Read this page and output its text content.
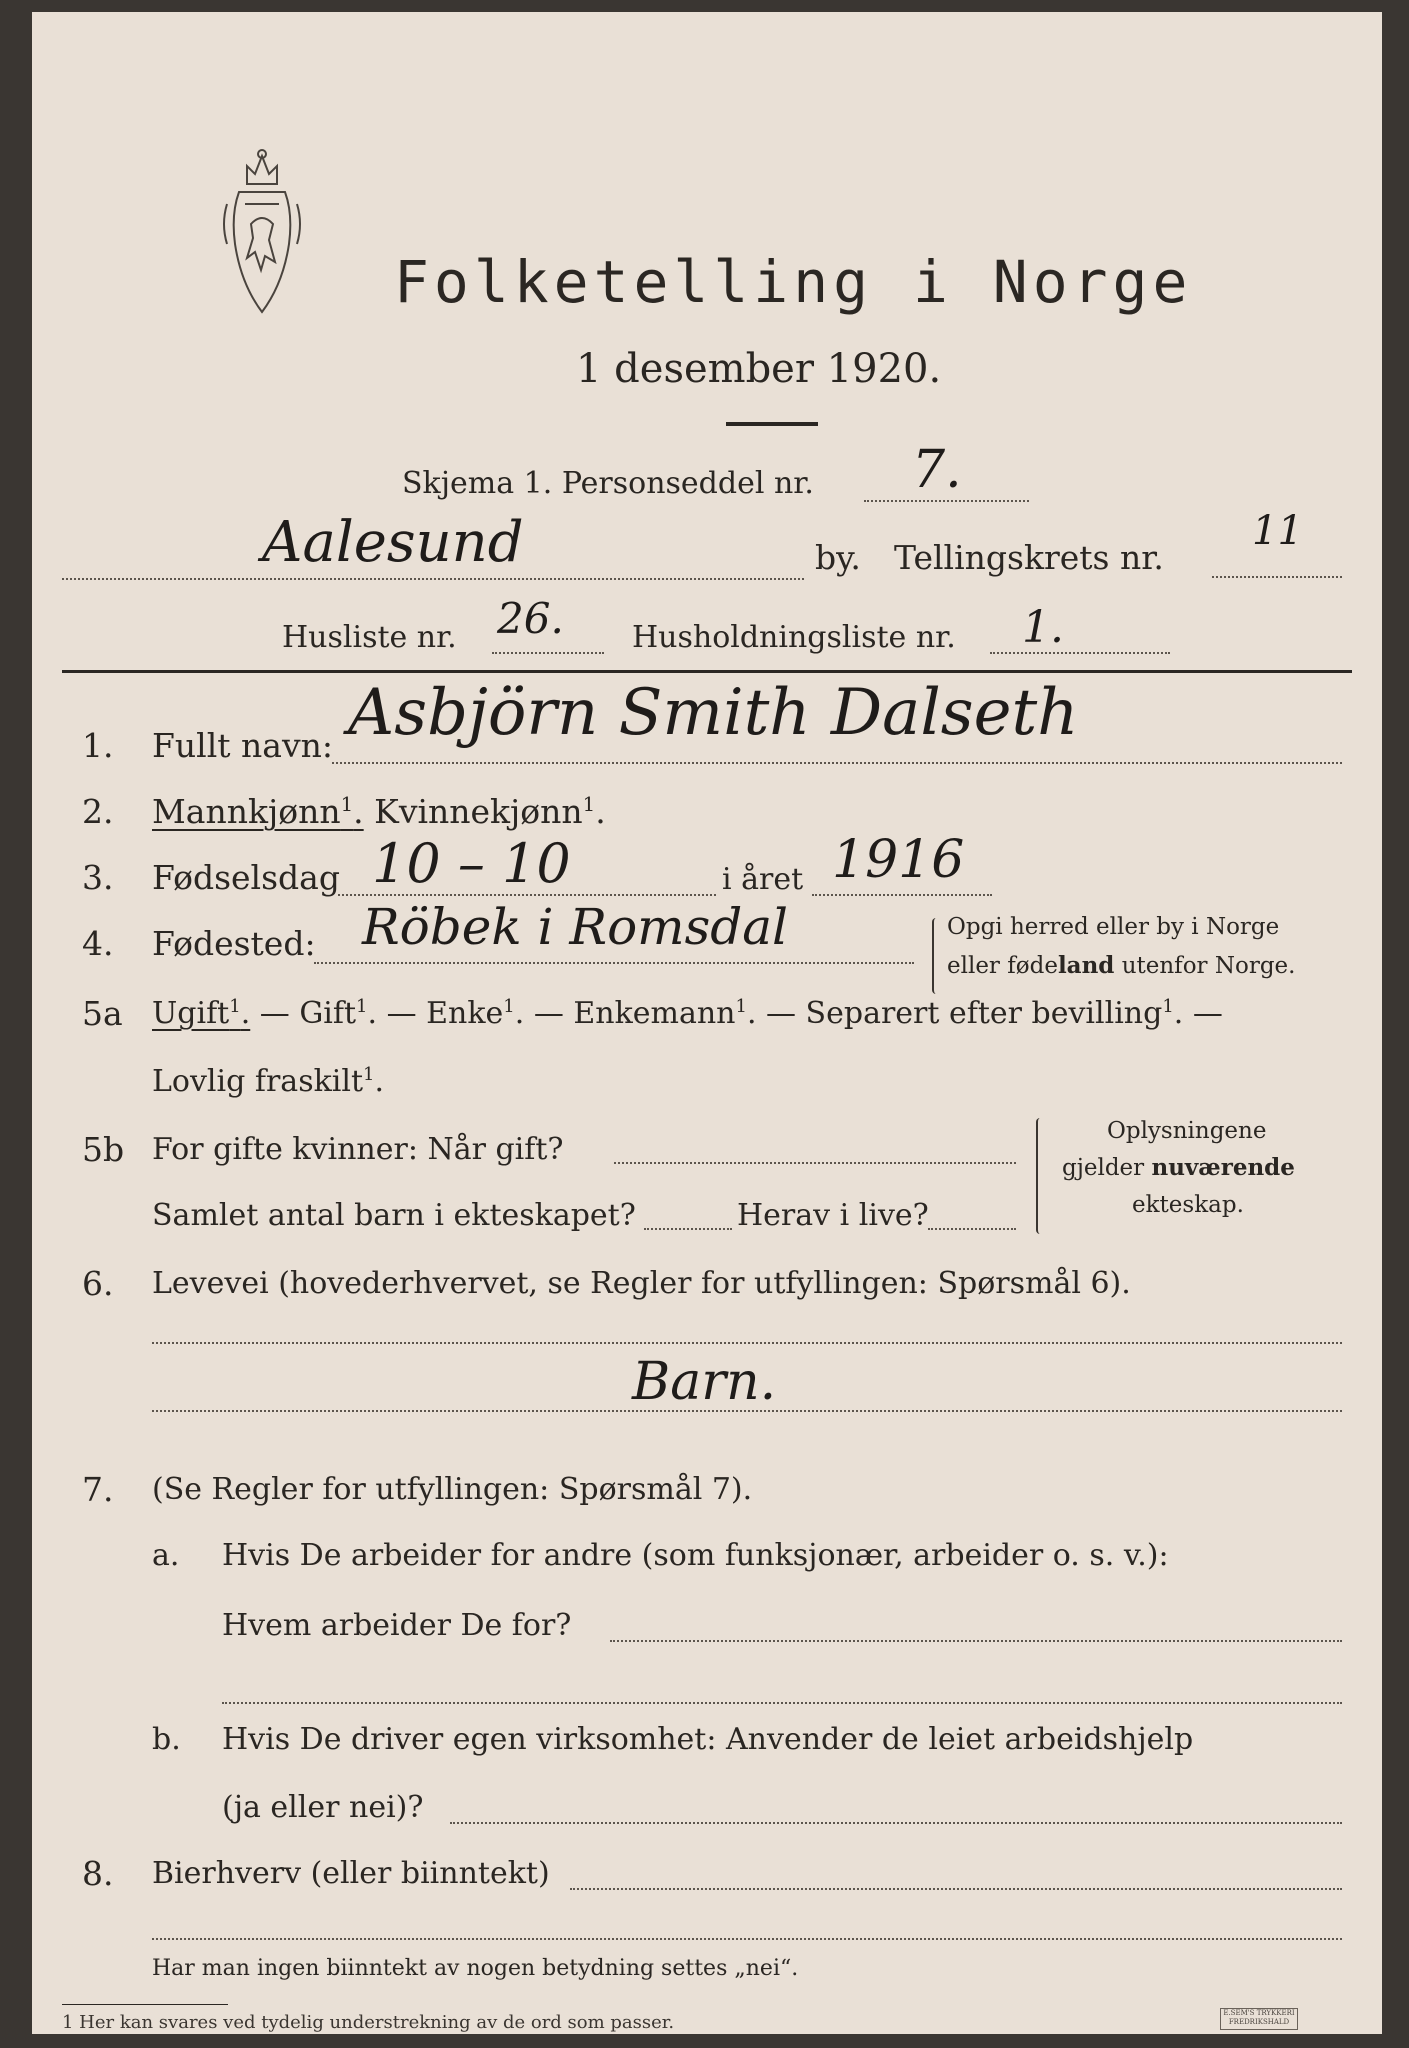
Folketelling i Norge
1 desember 1920.
Skjema 1. Personseddel nr. 7.
Aalesund	by. Tellingskrets nr.
11
Husliste nr. 26. Husholdningsliste nr. 1.
1. Fullt navn: Asbjörn Smith Dalseth
2. Mannkjønn$^1$. Kvinnekjønn$^1$.
3. Fødselsdag 10 – 10	i året 1916
4. Fødested: Röbek i Romsdal	Opgi herred eller by i Norge
eller fødeland utenfor Norge.
5a Ugift$^1$. — Gift$^1$. — Enke$^1$. — Enkemann$^1$. — Separert efter bevilling$^1$. —
Lovlig fraskilt$^1$.
5b For gifte kvinner: Når gift?
Samlet antal barn i ekteskapet?	Herav i live?
Oplysningene
gjelder nuværende
ekteskap.
6. Levevei (hovederhvervet, se Regler for utfyllingen: Spørsmål 6).
Barn.
7. (Se Regler for utfyllingen: Spørsmål 7).
a. Hvis De arbeider for andre (som funksjonær, arbeider o. s. v.):
Hvem arbeider De for?
b. Hvis De driver egen virksomhet: Anvender de leiet arbeidshjelp
(ja eller nei)?
8. Bierhverv (eller biinntekt)
Har man ingen biinntekt av nogen betydning settes „nei“.
1 Her kan svares ved tydelig understrekning av de ord som passer.	E.SEM'S TRYKKERI FREDRIKSHALD
